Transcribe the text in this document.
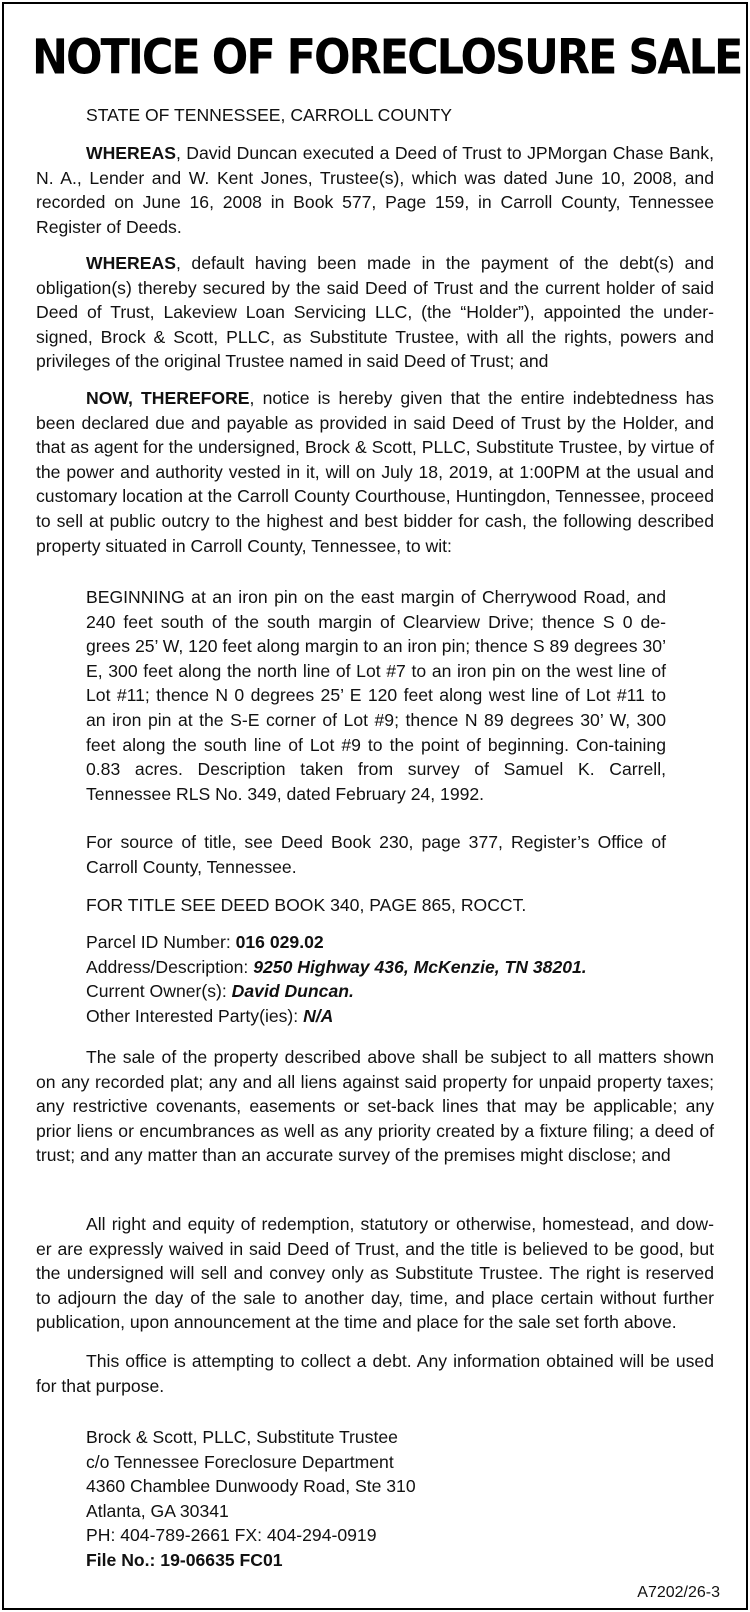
NOTICE OF FORECLOSURE SALE
STATE OF TENNESSEE, CARROLL COUNTY
WHEREAS, David Duncan executed a Deed of Trust to JPMorgan Chase Bank, N. A., Lender and W. Kent Jones, Trustee(s), which was dated June 10, 2008, and recorded on June 16, 2008 in Book 577, Page 159, in Carroll County, Tennessee Register of Deeds.
WHEREAS, default having been made in the payment of the debt(s) and obligation(s) thereby secured by the said Deed of Trust and the current holder of said Deed of Trust, Lakeview Loan Servicing LLC, (the “Holder”), appointed the under-signed, Brock & Scott, PLLC, as Substitute Trustee, with all the rights, powers and privileges of the original Trustee named in said Deed of Trust; and
NOW, THEREFORE, notice is hereby given that the entire indebtedness has been declared due and payable as provided in said Deed of Trust by the Holder, and that as agent for the undersigned, Brock & Scott, PLLC, Substitute Trustee, by virtue of the power and authority vested in it, will on July 18, 2019, at 1:00PM at the usual and customary location at the Carroll County Courthouse, Huntingdon, Tennessee, proceed to sell at public outcry to the highest and best bidder for cash, the following described property situated in Carroll County, Tennessee, to wit:
BEGINNING at an iron pin on the east margin of Cherrywood Road, and 240 feet south of the south margin of Clearview Drive; thence S 0 de-grees 25’ W, 120 feet along margin to an iron pin; thence S 89 degrees 30’ E, 300 feet along the north line of Lot #7 to an iron pin on the west line of Lot #11; thence N 0 degrees 25’ E 120 feet along west line of Lot #11 to an iron pin at the S-E corner of Lot #9; thence N 89 degrees 30’ W, 300 feet along the south line of Lot #9 to the point of beginning. Con-taining 0.83 acres. Description taken from survey of Samuel K. Carrell, Tennessee RLS No. 349, dated February 24, 1992.
For source of title, see Deed Book 230, page 377, Register’s Office of Carroll County, Tennessee.
FOR TITLE SEE DEED BOOK 340, PAGE 865, ROCCT.
Parcel ID Number: 016 029.02
Address/Description: 9250 Highway 436, McKenzie, TN 38201.
Current Owner(s): David Duncan.
Other Interested Party(ies): N/A
The sale of the property described above shall be subject to all matters shown on any recorded plat; any and all liens against said property for unpaid property taxes; any restrictive covenants, easements or set-back lines that may be applicable; any prior liens or encumbrances as well as any priority created by a fixture filing; a deed of trust; and any matter than an accurate survey of the premises might disclose; and
All right and equity of redemption, statutory or otherwise, homestead, and dow-er are expressly waived in said Deed of Trust, and the title is believed to be good, but the undersigned will sell and convey only as Substitute Trustee. The right is reserved to adjourn the day of the sale to another day, time, and place certain without further publication, upon announcement at the time and place for the sale set forth above.
This office is attempting to collect a debt. Any information obtained will be used for that purpose.
Brock & Scott, PLLC, Substitute Trustee
c/o Tennessee Foreclosure Department
4360 Chamblee Dunwoody Road, Ste 310
Atlanta, GA 30341
PH: 404-789-2661 FX: 404-294-0919
File No.: 19-06635 FC01
A7202/26-3
